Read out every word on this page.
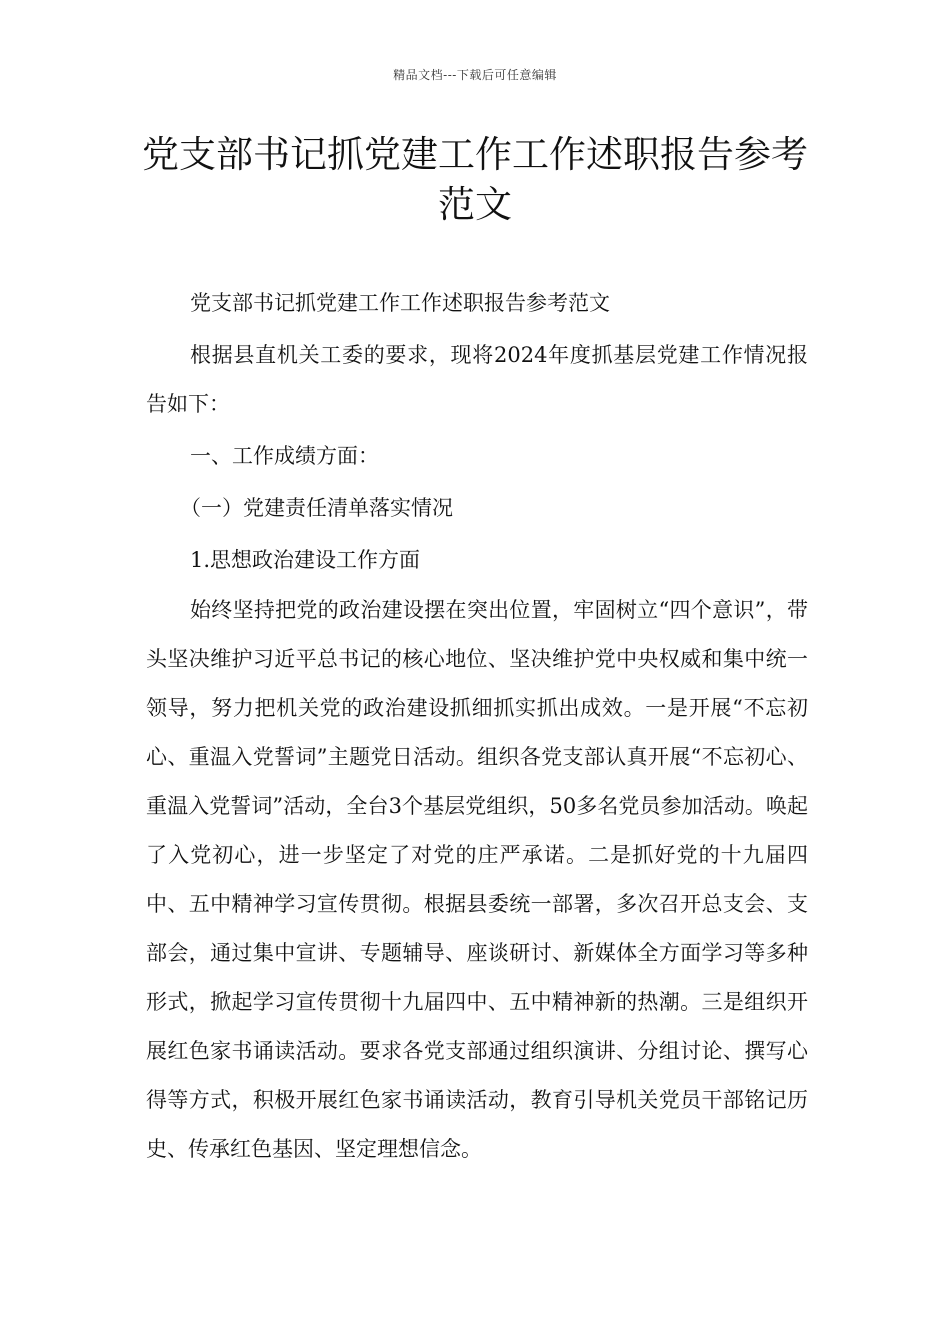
精品文档---下载后可任意编辑
党支部书记抓党建工作工作述职报告参考范文

党支部书记抓党建工作工作述职报告参考范文

根据县直机关工委的要求，现将2024年度抓基层党建工作情况报告如下：

一、工作成绩方面：

（一）党建责任清单落实情况

1.思想政治建设工作方面

始终坚持把党的政治建设摆在突出位置，牢固树立“四个意识”，带头坚决维护习近平总书记的核心地位、坚决维护党中央权威和集中统一领导，努力把机关党的政治建设抓细抓实抓出成效。一是开展“不忘初心、重温入党誓词”主题党日活动。组织各党支部认真开展“不忘初心、重温入党誓词”活动，全台3个基层党组织，50多名党员参加活动。唤起了入党初心，进一步坚定了对党的庄严承诺。二是抓好党的十九届四中、五中精神学习宣传贯彻。根据县委统一部署，多次召开总支会、支部会，通过集中宣讲、专题辅导、座谈研讨、新媒体全方面学习等多种形式，掀起学习宣传贯彻十九届四中、五中精神新的热潮。三是组织开展红色家书诵读活动。要求各党支部通过组织演讲、分组讨论、撰写心得等方式，积极开展红色家书诵读活动，教育引导机关党员干部铭记历史、传承红色基因、坚定理想信念。
